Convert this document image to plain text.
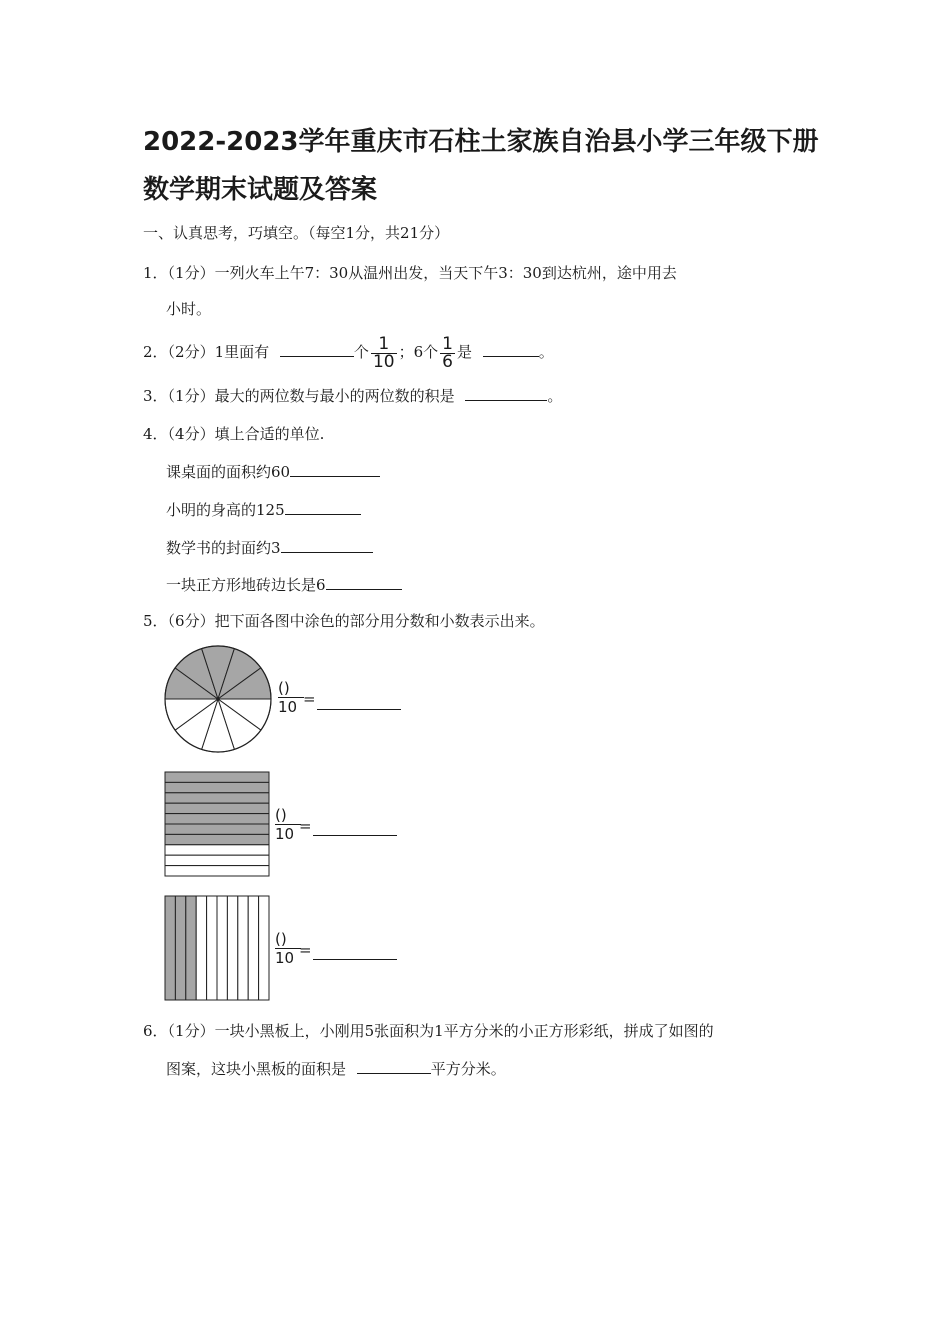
2022-2023学年重庆市石柱土家族自治县小学三年级下册数学期末试题及答案
一、认真思考，巧填空。（每空1分，共21分）
1．（1分）一列火车上午7：30从温州出发，当天下午3：30到达杭州，途中用去
小时。
2．（2分）1里面有	个 $\frac{1}{10}$ ；6个 $\frac{1}{6}$ 是	。
3．（1分）最大的两位数与最小的两位数的积是	。
4．（4分）填上合适的单位.
课桌面的面积约60
小明的身高的125
数学书的封面约3
一块正方形地砖边长是6
5．（6分）把下面各图中涂色的部分用分数和小数表示出来。
()
10 =
()
10 =
()
10 =
6．（1分）一块小黑板上，小刚用5张面积为1平方分米的小正方形彩纸，拼成了如图的
图案，这块小黑板的面积是	平方分米。
